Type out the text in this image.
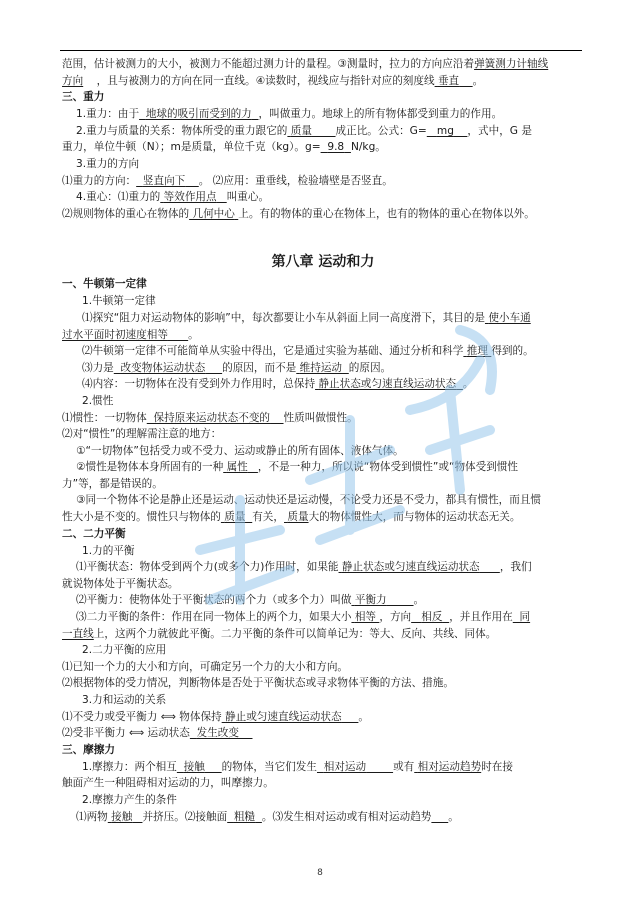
范围，估计被测力的大小，被测力不能超过测力计的量程。③测量时，拉力的方向应沿着弹簧测力计轴线
方向 ，且与被测力的方向在同一直线。④读数时，视线应与指针对应的刻度线 垂直 。
三、重力
1.重力：由于 地球的吸引而受到的力 ，叫做重力。地球上的所有物体都受到重力的作用。
2.重力与质量的关系：物体所受的重力跟它的 质量 成正比。公式：G= mg ，式中，G 是
重力，单位牛顿（N）；m是质量，单位千克（kg）。g= 9.8 N/kg。
3.重力的方向
⑴重力的方向： 竖直向下 。 ⑵应用：重垂线，检验墙壁是否竖直。
4.重心：⑴重力的 等效作用点 叫重心。
⑵规则物体的重心在物体的 几何中心 上。有的物体的重心在物体上，也有的物体的重心在物体以外。
第八章 运动和力
一、牛顿第一定律
1.牛顿第一定律
⑴探究“阻力对运动物体的影响”中，每次都要让小车从斜面上同一高度滑下，其目的是 使小车通
过水平面时初速度相等 。
⑵牛顿第一定律不可能简单从实验中得出，它是通过实验为基础、通过分析和科学 推理 得到的。
⑶力是 改变物体运动状态 的原因，而不是 维持运动 的原因。
⑷内容：一切物体在没有受到外力作用时，总保持 静止状态或匀速直线运动状态 。
2.惯性
⑴惯性：一切物体 保持原来运动状态不变的 性质叫做惯性。
⑵对“惯性”的理解需注意的地方：
①“一切物体”包括受力或不受力、运动或静止的所有固体、液体气体。
②惯性是物体本身所固有的一种 属性 ，不是一种力，所以说“物体受到惯性”或“物体受到惯性
力”等，都是错误的。
③同一个物体不论是静止还是运动、运动快还是运动慢，不论受力还是不受力，都具有惯性，而且惯
性大小是不变的。惯性只与物体的 质量 有关， 质量大的物体惯性大，而与物体的运动状态无关。
二、二力平衡
1.力的平衡
⑴平衡状态：物体受到两个力(或多个力)作用时，如果能 静止状态或匀速直线运动状态 ，我们
就说物体处于平衡状态。
⑵平衡力：使物体处于平衡状态的两个力（或多个力）叫做 平衡力	。
⑶二力平衡的条件：作用在同一物体上的两个力，如果大小 相等 ，方向 相反 ，并且作用在 同
一直线上，这两个力就彼此平衡。二力平衡的条件可以简单记为：等大、反向、共线、同体。
2.二力平衡的应用
⑴已知一个力的大小和方向，可确定另一个力的大小和方向。
⑵根据物体的受力情况，判断物体是否处于平衡状态或寻求物体平衡的方法、措施。
3.力和运动的关系
⑴不受力或受平衡力 ⟺ 物体保持 静止或匀速直线运动状态 。
⑵受非平衡力 ⟺ 运动状态 发生改变
三、摩擦力
1.摩擦力：两个相互 接触 的物体，当它们发生 相对运动	或有 相对运动趋势时在接
触面产生一种阻碍相对运动的力，叫摩擦力。
2.摩擦力产生的条件
⑴两物 接触 并挤压。⑵接触面 粗糙 。⑶发生相对运动或有相对运动趋势 。
8
